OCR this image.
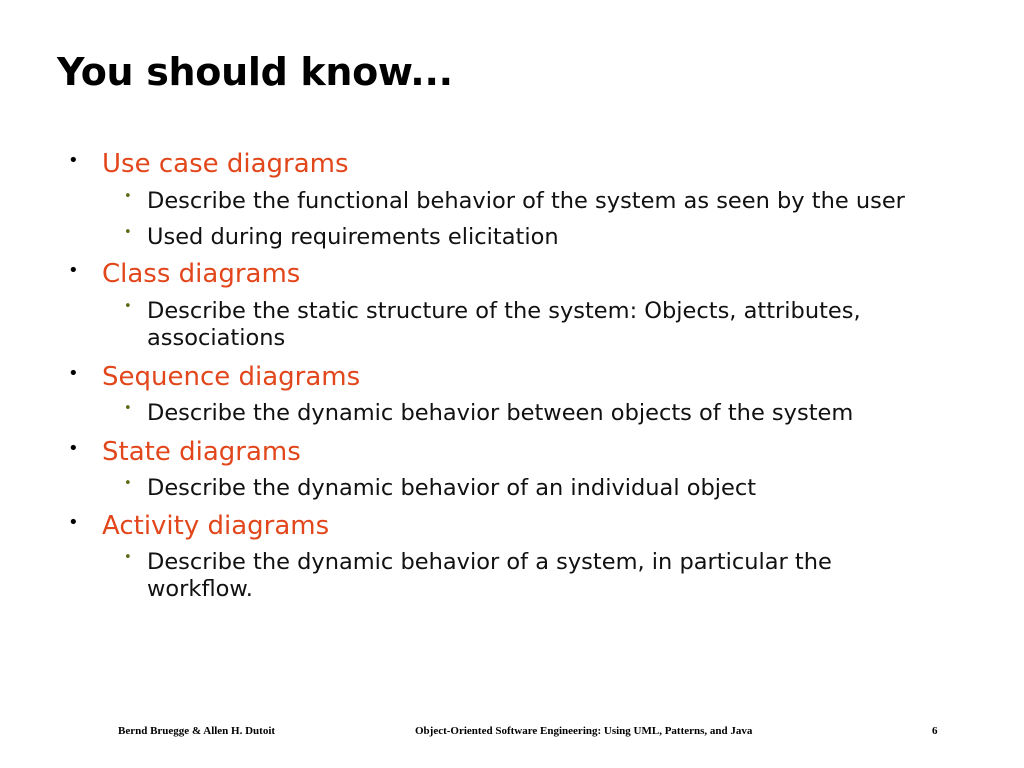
You should know...
• Use case diagrams
• Describe the functional behavior of the system as seen by the user
• Used during requirements elicitation
• Class diagrams
• Describe the static structure of the system: Objects, attributes, associations
• Sequence diagrams
• Describe the dynamic behavior between objects of the system
• State diagrams
• Describe the dynamic behavior of an individual object
• Activity diagrams
• Describe the dynamic behavior of a system, in particular the workflow.
Bernd Bruegge & Allen H. Dutoit	Object-Oriented Software Engineering: Using UML, Patterns, and Java	6
